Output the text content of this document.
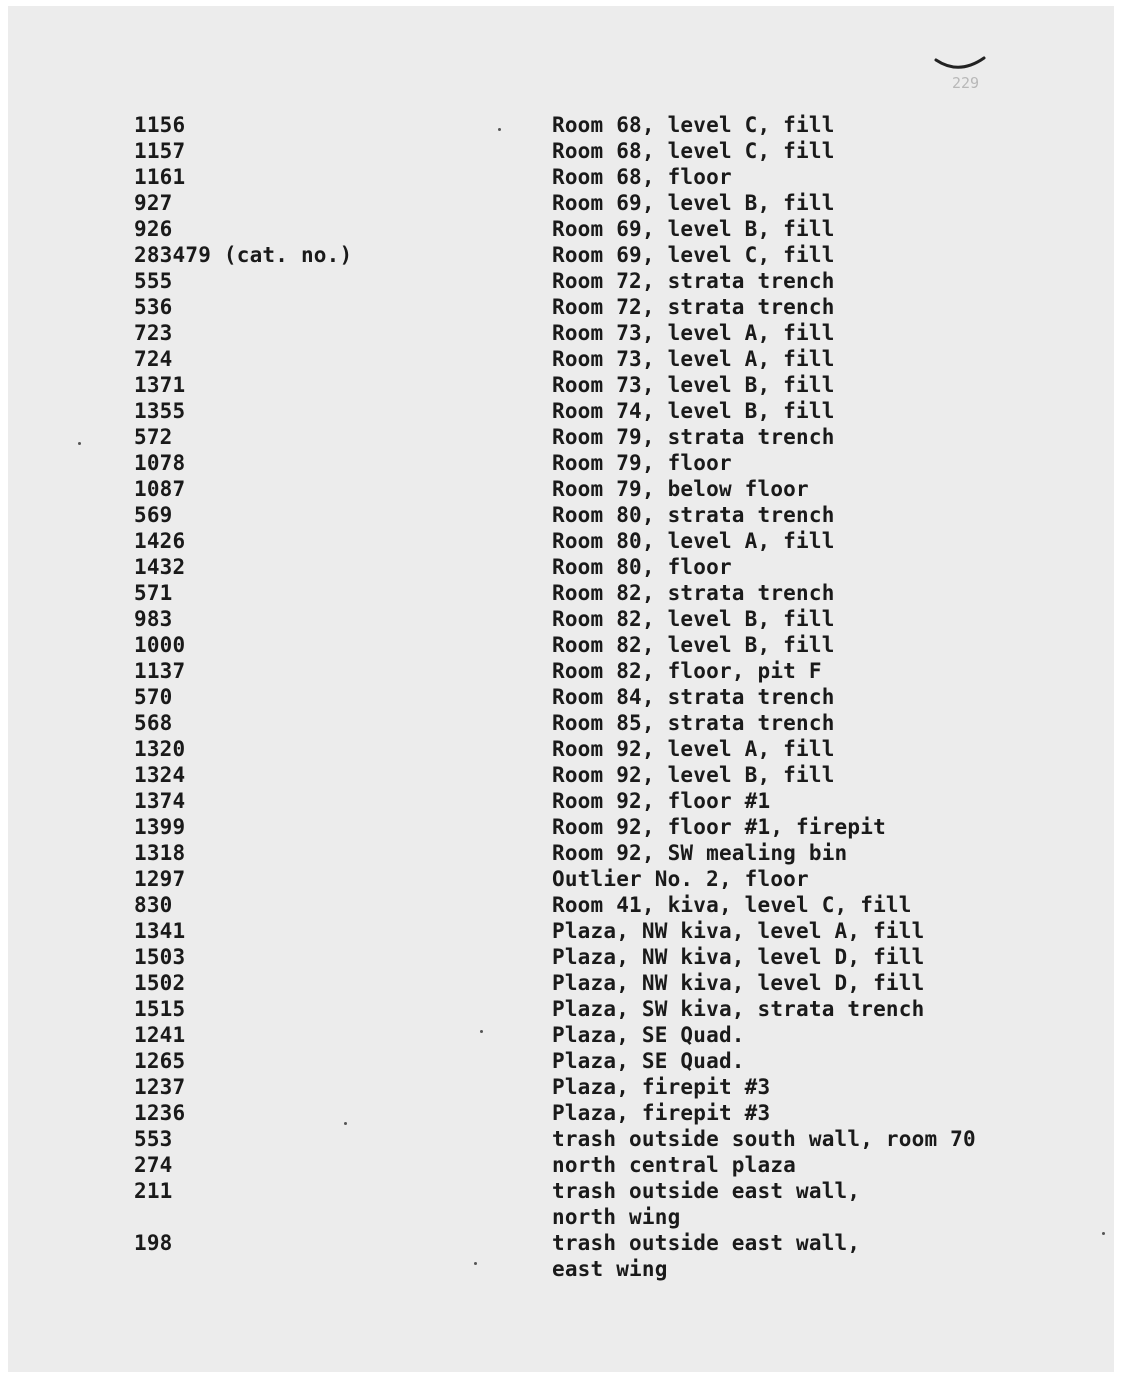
229
1156	Room 68, level C, fill
1157	Room 68, level C, fill
1161	Room 68, floor
927	Room 69, level B, fill
926	Room 69, level B, fill
283479 (cat. no.)	Room 69, level C, fill
555	Room 72, strata trench
536	Room 72, strata trench
723	Room 73, level A, fill
724	Room 73, level A, fill
1371	Room 73, level B, fill
1355	Room 74, level B, fill
572	Room 79, strata trench
1078	Room 79, floor
1087	Room 79, below floor
569	Room 80, strata trench
1426	Room 80, level A, fill
1432	Room 80, floor
571	Room 82, strata trench
983	Room 82, level B, fill
1000	Room 82, level B, fill
1137	Room 82, floor, pit F
570	Room 84, strata trench
568	Room 85, strata trench
1320	Room 92, level A, fill
1324	Room 92, level B, fill
1374	Room 92, floor #1
1399	Room 92, floor #1, firepit
1318	Room 92, SW mealing bin
1297	Outlier No. 2, floor
830	Room 41, kiva, level C, fill
1341	Plaza, NW kiva, level A, fill
1503	Plaza, NW kiva, level D, fill
1502	Plaza, NW kiva, level D, fill
1515	Plaza, SW kiva, strata trench
1241	Plaza, SE Quad.
1265	Plaza, SE Quad.
1237	Plaza, firepit #3
1236	Plaza, firepit #3
553	trash outside south wall, room 70
274	north central plaza
211	trash outside east wall,
north wing
198	trash outside east wall,
east wing
